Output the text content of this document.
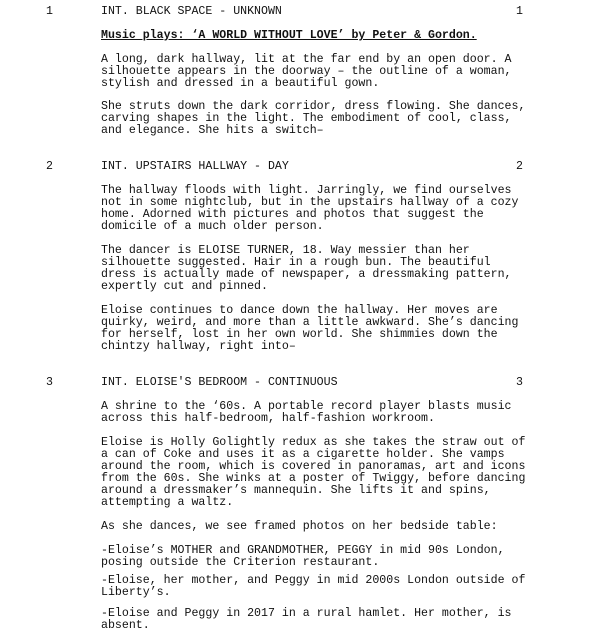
1	INT. BLACK SPACE - UNKNOWN	1
Music plays: ‘A WORLD WITHOUT LOVE’ by Peter & Gordon.
A long, dark hallway, lit at the far end by an open door. A
silhouette appears in the doorway – the outline of a woman,
stylish and dressed in a beautiful gown.
She struts down the dark corridor, dress flowing. She dances,
carving shapes in the light. The embodiment of cool, class,
and elegance. She hits a switch–
2	INT. UPSTAIRS HALLWAY - DAY	2
The hallway floods with light. Jarringly, we find ourselves
not in some nightclub, but in the upstairs hallway of a cozy
home. Adorned with pictures and photos that suggest the
domicile of a much older person.
The dancer is ELOISE TURNER, 18. Way messier than her
silhouette suggested. Hair in a rough bun. The beautiful
dress is actually made of newspaper, a dressmaking pattern,
expertly cut and pinned.
Eloise continues to dance down the hallway. Her moves are
quirky, weird, and more than a little awkward. She’s dancing
for herself, lost in her own world. She shimmies down the
chintzy hallway, right into–
3	INT. ELOISE'S BEDROOM - CONTINUOUS	3
A shrine to the ‘60s. A portable record player blasts music
across this half-bedroom, half-fashion workroom.
Eloise is Holly Golightly redux as she takes the straw out of
a can of Coke and uses it as a cigarette holder. She vamps
around the room, which is covered in panoramas, art and icons
from the 60s. She winks at a poster of Twiggy, before dancing
around a dressmaker’s mannequin. She lifts it and spins,
attempting a waltz.
As she dances, we see framed photos on her bedside table:
-Eloise’s MOTHER and GRANDMOTHER, PEGGY in mid 90s London,
posing outside the Criterion restaurant.
-Eloise, her mother, and Peggy in mid 2000s London outside of
Liberty’s.
-Eloise and Peggy in 2017 in a rural hamlet. Her mother, is
absent.
